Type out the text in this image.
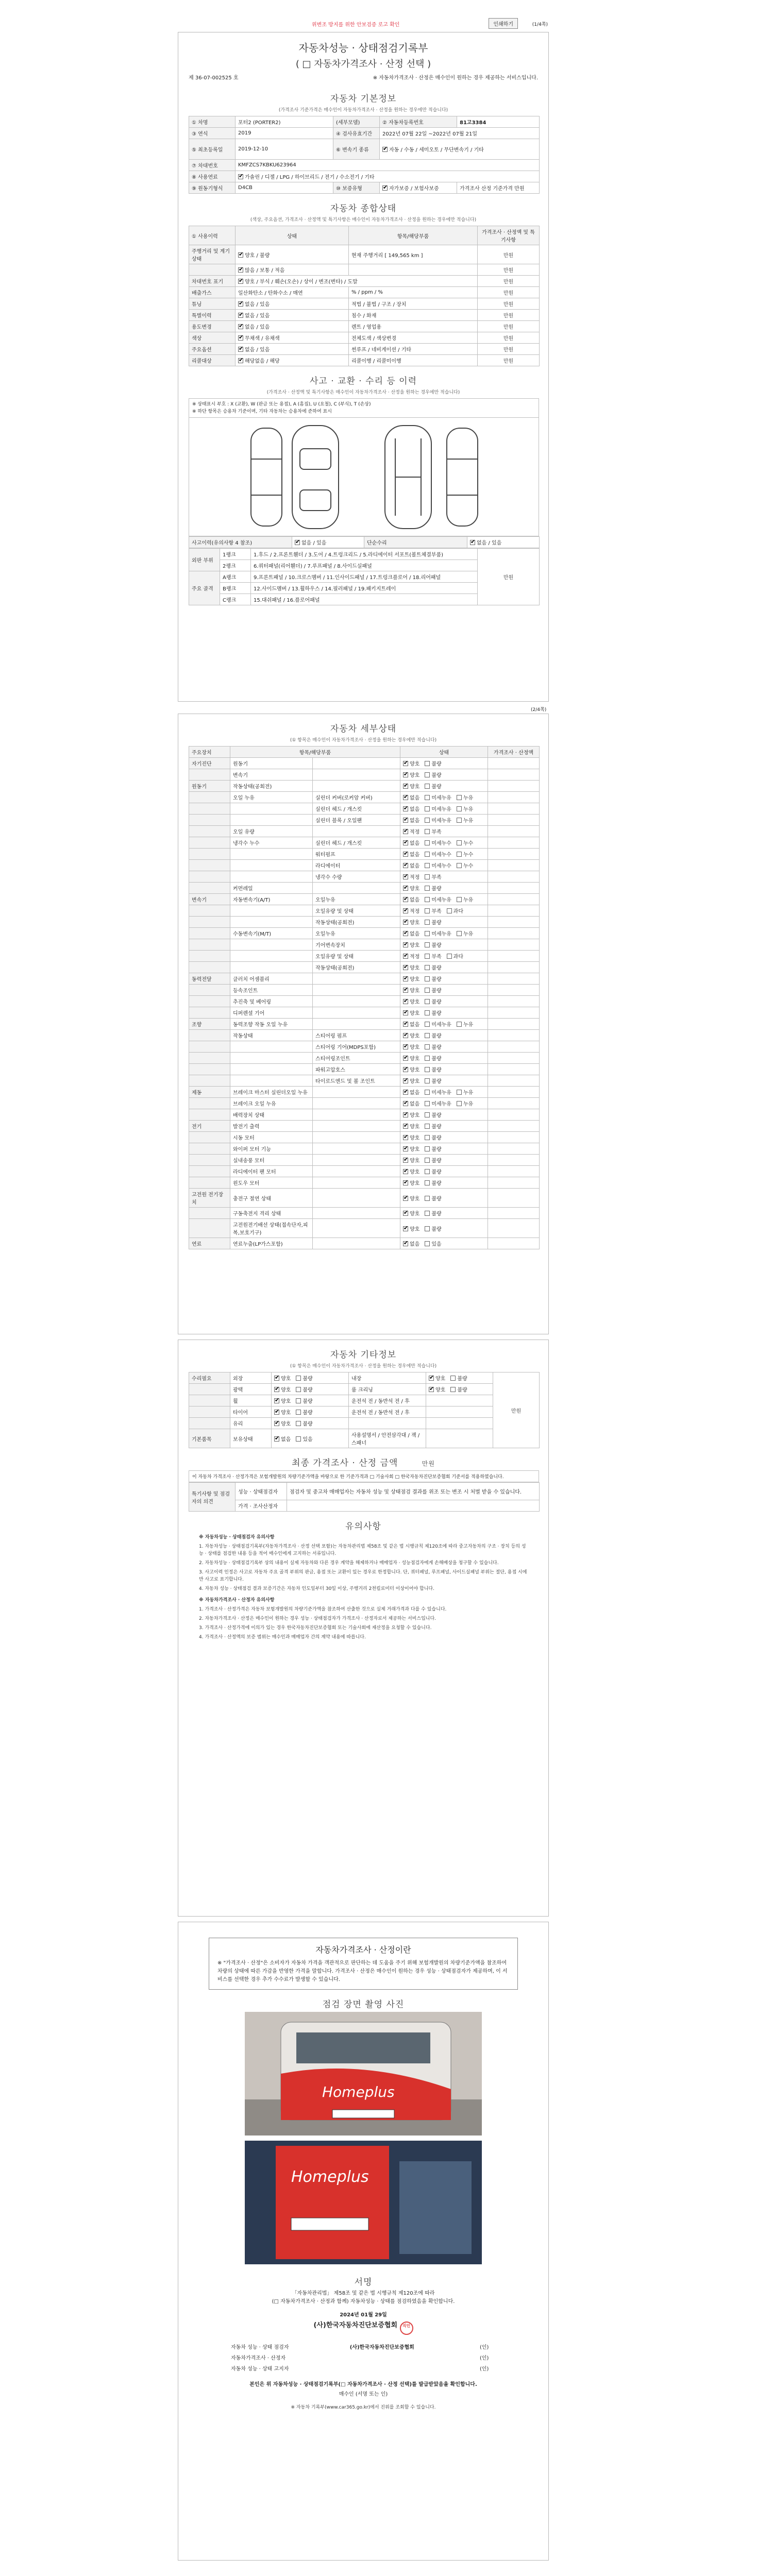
위변조 방지를 위한 안보검증 로고 확인	인쇄하기	(1/4쪽)
자동차성능 · 상태점검기록부
( □ 자동차가격조사 · 산정 선택 )
제 36-07-002525 호	※ 자동차가격조사 · 산정은 매수인이 원하는 경우 제공하는 서비스입니다.
자동차 기본정보
(가격조사 기준가격은 매수인이 자동차가격조사 · 산정을 원하는 경우에만 적습니다)
① 차명	포터2 (PORTER2)	(세부모델)	② 자동차등록번호	81고3384
③ 연식	2019	④ 검사유효기간	2022년 07월 22일 ~2022년 07월 21일	
⑤ 최초등록일	2019-12-10	⑥ 변속기 종류	✔자동 / 수동 / 세미오토 / 무단변속기 / 기타
⑦ 차대번호	KMFZCS7KBKU623964			
⑧ 사용연료	✔가솔린 / 디젤 / LPG / 하이브리드 / 전기 / 수소전기 / 기타
⑨ 원동기형식	D4CB	⑩ 보증유형	✔자가보증 / 보험사보증	가격조사 산정 기준가격 만원
자동차 종합상태
(색상, 주요옵션, 가격조사 · 산정액 및 특기사항은 매수인이 자동차가격조사 · 산정을 원하는 경우에만 적습니다)
① 사용이력	상태	항목/해당부품	가격조사 · 산정액 및 특기사항
주행거리 및 계기상태	✔양호 / 불량	현재 주행거리 [ 149,565 km ]	만원
	✔많음 / 보통 / 적음		만원
차대번호 표기	✔양호 / 부식 / 훼손(오손) / 상이 / 변조(변타) / 도말		만원
배출가스	일산화탄소 / 탄화수소 / 매연	% / ppm / %	만원
튜닝	✔없음 / 있음	적법 / 불법 / 구조 / 장치	만원
특별이력	✔없음 / 있음	침수 / 화재	만원
용도변경	✔없음 / 있음	렌트 / 영업용	만원
색상	✔무채색 / 유채색	전체도색 / 색상변경	만원
주요옵션	✔없음 / 있음	썬루프 / 네비게이션 / 기타	만원
리콜대상	✔해당없음 / 해당	리콜이행 / 리콜미이행	만원
사고 · 교환 · 수리 등 이력
(가격조사 · 산정액 및 특기사항은 매수인이 자동차가격조사 · 산정을 원하는 경우에만 적습니다)
※ 상태표시 부호 : X (교환), W (판금 또는 용접), A (흠집), U (요철), C (부식), T (손상)
※ 하단 항목은 승용차 기준이며, 기타 자동차는 승용차에 준하여 표시
사고이력(유의사항 4 참조)	✔없음 / 있음	단순수리	✔없음 / 있음
외판 부위	1랭크	1.후드 / 2.프론트휀더 / 3.도어 / 4.트렁크리드 / 5.라디에이터 서포트(볼트체결부품)	만원
	2랭크	6.쿼터패널(리어휀더) / 7.루프패널 / 8.사이드실패널	
주요 골격	A랭크	9.프론트패널 / 10.크로스멤버 / 11.인사이드패널 / 17.트렁크플로어 / 18.리어패널	
	B랭크	12.사이드멤버 / 13.휠하우스 / 14.필러패널 / 19.패키지트레이	
	C랭크	15.대쉬패널 / 16.플로어패널	
(2/4쪽)
자동차 세부상태
(① 항목은 매수인이 자동차가격조사 · 산정을 원하는 경우에만 적습니다)
주요장치	항목/해당부품		상태	가격조사 · 산정액
자기진단	원동기		✔양호 불량	
	변속기		✔양호 불량	
원동기	작동상태(공회전)		✔양호 불량	
	오일 누유	실린더 커버(로커암 커버)	✔없음 미세누유 누유	
		실린더 헤드 / 개스킷	✔없음 미세누유 누유	
		실린더 블록 / 오일팬	✔없음 미세누유 누유	
	오일 유량		✔적정 부족	
	냉각수 누수	실린더 헤드 / 개스킷	✔없음 미세누수 누수	
		워터펌프	✔없음 미세누수 누수	
		라디에이터	✔없음 미세누수 누수	
		냉각수 수량	✔적정 부족	
	커먼레일		✔양호 불량	
변속기	자동변속기(A/T)	오일누유	✔없음 미세누유 누유	
		오일유량 및 상태	✔적정 부족 과다	
		작동상태(공회전)	✔양호 불량	
	수동변속기(M/T)	오일누유	✔없음 미세누유 누유	
		기어변속장치	✔양호 불량	
		오일유량 및 상태	✔적정 부족 과다	
		작동상태(공회전)	✔양호 불량	
동력전달	클러치 어셈블리		✔양호 불량	
	등속조인트		✔양호 불량	
	추진축 및 베어링		✔양호 불량	
	디퍼렌셜 기어		✔양호 불량	
조향	동력조향 작동 오일 누유		✔없음 미세누유 누유	
	작동상태	스티어링 펌프	✔양호 불량	
		스티어링 기어(MDPS포함)	✔양호 불량	
		스티어링조인트	✔양호 불량	
		파워고압호스	✔양호 불량	
		타이로드엔드 및 볼 조인트	✔양호 불량	
제동	브레이크 마스터 실린더오일 누유		✔없음 미세누유 누유	
	브레이크 오일 누유		✔없음 미세누유 누유	
	배력장치 상태		✔양호 불량	
전기	발전기 출력		✔양호 불량	
	시동 모터		✔양호 불량	
	와이퍼 모터 기능		✔양호 불량	
	실내송풍 모터		✔양호 불량	
	라디에이터 팬 모터		✔양호 불량	
	윈도우 모터		✔양호 불량	
고전원 전기장치	충전구 절연 상태		✔양호 불량	
	구동축전지 격리 상태		✔양호 불량	
	고전원전기배선 상태(접속단자,피복,보호기구)		✔양호 불량	
연료	연료누출(LP가스포함)		✔없음 있음	
자동차 기타정보
(① 항목은 매수인이 자동차가격조사 · 산정을 원하는 경우에만 적습니다)
수리필요	외장	✔양호 불량	내장	✔양호 불량	만원
	광택	✔양호 불량	룸 크리닝	✔양호 불량
	휠	✔양호 불량	운전석 전 / 동반석 전 / 후		
	타이어	✔양호 불량	운전석 전 / 동반석 전 / 후		
	유리	✔양호 불량		
기본품목	보유상태	✔없음 있음	사용설명서 / 안전삼각대 / 잭 / 스패너		
최종 가격조사 · 산정 금액	만원
이 자동차 가격조사 · 산정가격은 보험개발원의 차량기준가액을 바탕으로 한 기준가격과 □ 기술사회 □ 한국자동차진단보증협회 기준서를 적용하였습니다.
특기사항 및 점검자의 의견	성능 · 상태점검자	점검자 및 중고차 매매업자는 자동차 성능 및 상태점검 결과를 위조 또는 변조 시 처벌 받을 수 있습니다.
	가격 · 조사산정자	
유의사항
※ 자동차성능 · 상태점검자 유의사항
1. 자동차성능 · 상태점검기록부(자동차가격조사 · 산정 선택 포함)는 자동차관리법 제58조 및 같은 법 시행규칙 제120조에 따라 중고자동차의 구조 · 장치 등의 성능 · 상태를 점검한 내용 등을 적어 매수인에게 고지하는 서류입니다.
2. 자동차성능 · 상태점검기록부 상의 내용이 실제 자동차와 다른 경우 계약을 해제하거나 매매업자 · 성능점검자에게 손해배상을 청구할 수 있습니다.
3. 사고이력 인정은 사고로 자동차 주요 골격 부위의 판금, 용접 또는 교환이 있는 경우로 한정합니다. 단, 쿼터패널, 루프패널, 사이드실패널 부위는 절단, 용접 시에만 사고로 표기합니다.
4. 자동차 성능 · 상태점검 결과 보증기간은 자동차 인도일부터 30일 이상, 주행거리 2천킬로미터 이상이어야 합니다.
※ 자동차가격조사 · 산정자 유의사항
1. 가격조사 · 산정가격은 자동차 보험개발원의 차량기준가액을 참조하여 산출한 것으로 실제 거래가격과 다를 수 있습니다.
2. 자동차가격조사 · 산정은 매수인이 원하는 경우 성능 · 상태점검자가 가격조사 · 산정자로서 제공하는 서비스입니다.
3. 가격조사 · 산정가격에 이의가 있는 경우 한국자동차진단보증협회 또는 기술사회에 재산정을 요청할 수 있습니다.
4. 가격조사 · 산정액의 보증 범위는 매수인과 매매업자 간의 계약 내용에 따릅니다.
자동차가격조사 · 산정이란
※ "가격조사 · 산정"은 소비자가 자동차 가격을 객관적으로 판단하는 데 도움을 주기 위해 보험개발원의 차량기준가액을 참조하여 차량의 상태에 따른 가감을 반영한 가격을 말합니다. 가격조사 · 산정은 매수인이 원하는 경우 성능 · 상태점검자가 제공하며, 이 서비스를 선택한 경우 추가 수수료가 발생할 수 있습니다.
점검 장면 촬영 사진
Homeplus
Homeplus
서명
「자동차관리법」 제58조 및 같은 법 시행규칙 제120조에 따라
(□ 자동차가격조사 · 산정과 함께) 자동차성능 · 상태를 점검하였음을 확인합니다.
2024년 01월 29일
(사)한국자동차진단보증협회 직인
자동차 성능 · 상태 점검자	(사)한국자동차진단보증협회	(인)
자동차가격조사 · 산정자		(인)
자동차 성능 · 상태 고지자		(인)
본인은 위 자동차성능 · 상태점검기록부(□ 자동차가격조사 · 산정 선택)를 발급받았음을 확인합니다.
매수인 (서명 또는 인)
※ 자동차 기록부(www.car365.go.kr)에서 진위를 조회할 수 있습니다.
